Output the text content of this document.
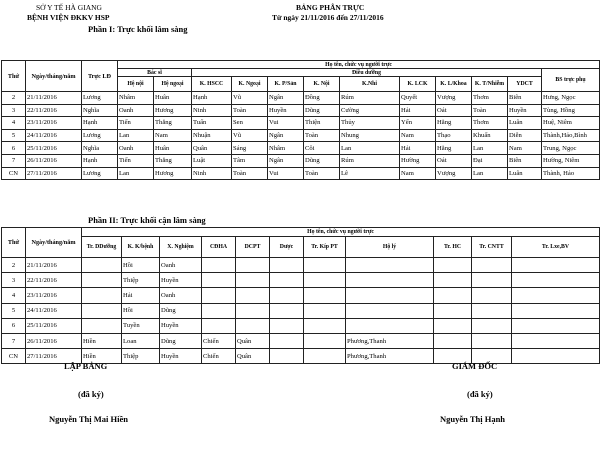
SỞ Y TẾ HÀ GIANG
BỆNH VIỆN ĐKKV HSP
BẢNG PHÂN TRỰC
Từ ngày 21/11/2016 đến 27/11/2016
Phần I: Trực khối lâm sàng
Thứ	Ngày/tháng/năm	Trực LĐ	Họ tên, chức vụ người trực											
			Bác sĩ		Điều dưỡng									BS trực phụ
			Hệ nội	Hệ ngoại	K. HSCC	K. Ngoại	K. P/Sản	K. Nội	K.Nhi	K. LCK	K. L/Khoa	K. T/Nhiễm	YDCT	
2	21/11/2016	Lương	Nhâm	Huân	Hạnh	Vũ	Ngân	Đồng	Rúm	Quyết	Vượng	Thơm	Biên	Hưng, Ngọc
3	22/11/2016	Nghĩa	Oanh	Hương	Ninh	Toàn	Huyền	Dũng	Cường	Hải	Oát	Toàn	Huyền	Tùng, Hồng
4	23/11/2016	Hạnh	Tiến	Thắng	Tuấn	Sen	Vui	Thiện	Thủy	Yến	Hằng	Thơm	Luân	Huệ, Niêm
5	24/11/2016	Lương	Lan	Nam	Nhuận	Vũ	Ngân	Toàn	Nhung	Nam	Thạo	Khuấn	Diễn	Thành,Hảo,Bình
6	25/11/2016	Nghĩa	Oanh	Huân	Quân	Sáng	Nhâm	Côi	Lan	Hải	Hằng	Lan	Nam	Trung, Ngọc
7	26/11/2016	Hạnh	Tiến	Thắng	Luật	Tâm	Ngân	Dũng	Rúm	Hường	Oát	Đại	Biên	Hường, Niêm
CN	27/11/2016	Lương	Lan	Hương	Ninh	Toàn	Vui	Toàn	Lê	Nam	Vượng	Lan	Luân	Thành, Hảo
Phần II: Trực khối cận lâm sàng
Thứ	Ngày/tháng/năm	Họ tên, chức vụ người trực										
		Tr. DDưỡng	K. K/bệnh	X. Nghiệm	CĐHA	DCPT	Dược	Tr. Kíp PT	Hộ lý	Tr. HC	Tr. CNTT	Tr. Lxe,BV
2	21/11/2016		Hồi	Oanh								
3	22/11/2016		Thiệp	Huyền								
4	23/11/2016		Hải	Oanh								
5	24/11/2016		Hồi	Dũng								
6	25/11/2016		Tuyền	Huyền								
7	26/11/2016	Hiền	Loan	Dũng	Chiến	Quân			Phương,Thanh			
CN	27/11/2016	Hiền	Thiệp	Huyền	Chiến	Quân			Phương,Thanh			
LẬP BẢNG
(đã ký)
Nguyễn Thị Mai Hiền
GIÁM ĐỐC
(đã ký)
Nguyễn Thị Hạnh
